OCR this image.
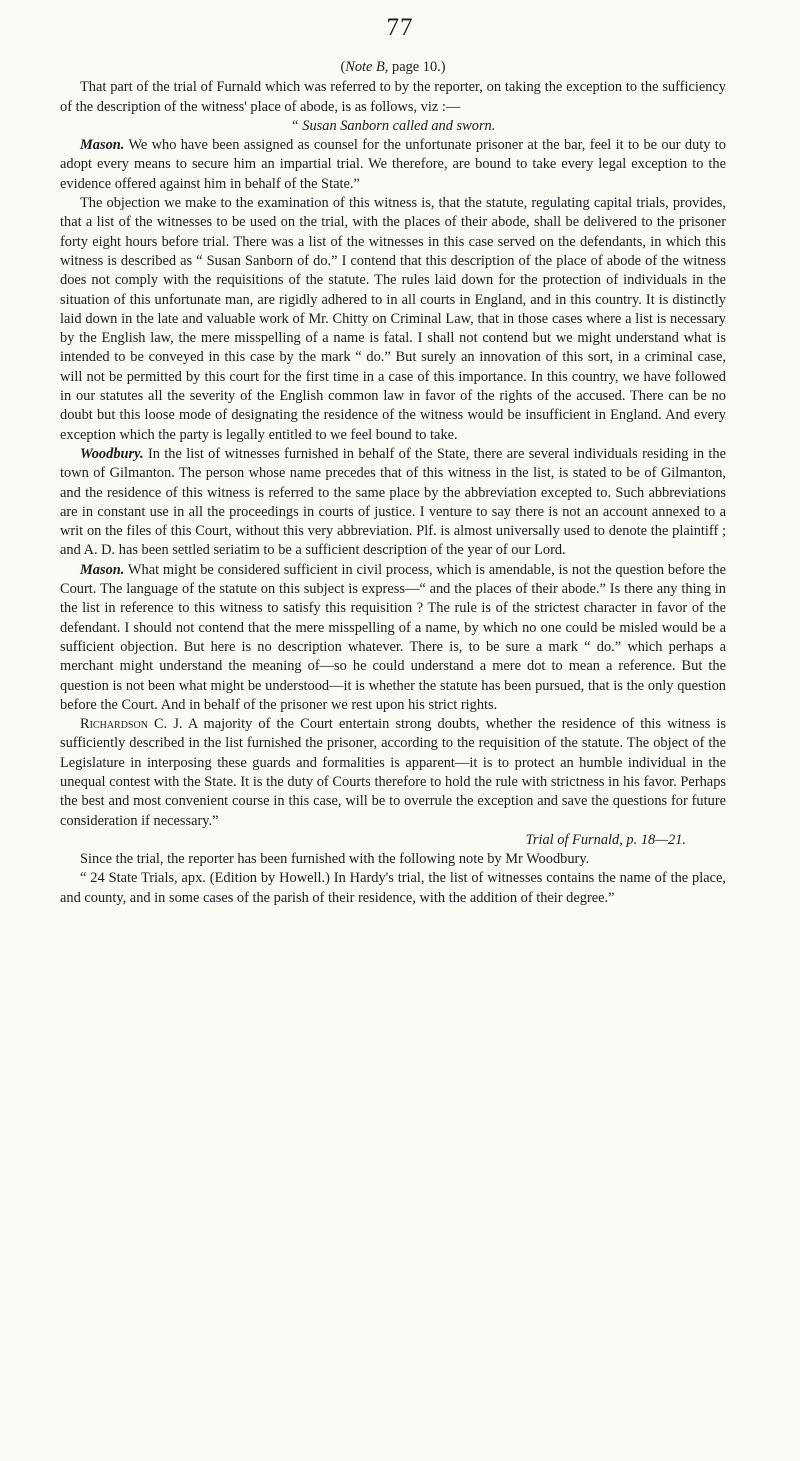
77

(Note B, page 10.)

That part of the trial of Furnald which was referred to by the reporter, on taking the exception to the sufficiency of the description of the witness' place of abode, is as follows, viz :—

“ Susan Sanborn called and sworn.

Mason. We who have been assigned as counsel for the unfortunate prisoner at the bar, feel it to be our duty to adopt every means to secure him an impartial trial. We therefore, are bound to take every legal exception to the evidence offered against him in behalf of the State.”

The objection we make to the examination of this witness is, that the statute, regulating capital trials, provides, that a list of the witnesses to be used on the trial, with the places of their abode, shall be delivered to the prisoner forty eight hours before trial. There was a list of the witnesses in this case served on the defendants, in which this witness is described as “ Susan Sanborn of do.” I contend that this description of the place of abode of the witness does not comply with the requisitions of the statute. The rules laid down for the protection of individuals in the situation of this unfortunate man, are rigidly adhered to in all courts in England, and in this country. It is distinctly laid down in the late and valuable work of Mr. Chitty on Criminal Law, that in those cases where a list is necessary by the English law, the mere misspelling of a name is fatal. I shall not contend but we might understand what is intended to be conveyed in this case by the mark “ do.” But surely an innovation of this sort, in a criminal case, will not be permitted by this court for the first time in a case of this importance. In this country, we have followed in our statutes all the severity of the English common law in favor of the rights of the accused. There can be no doubt but this loose mode of designating the residence of the witness would be insufficient in England. And every exception which the party is legally entitled to we feel bound to take.

Woodbury. In the list of witnesses furnished in behalf of the State, there are several individuals residing in the town of Gilmanton. The person whose name precedes that of this witness in the list, is stated to be of Gilmanton, and the residence of this witness is referred to the same place by the abbreviation excepted to. Such abbreviations are in constant use in all the proceedings in courts of justice. I venture to say there is not an account annexed to a writ on the files of this Court, without this very abbreviation. Plf. is almost universally used to denote the plaintiff ; and A. D. has been settled seriatim to be a sufficient description of the year of our Lord.

Mason. What might be considered sufficient in civil process, which is amendable, is not the question before the Court. The language of the statute on this subject is express—“ and the places of their abode.” Is there any thing in the list in reference to this witness to satisfy this requisition ? The rule is of the strictest character in favor of the defendant. I should not contend that the mere misspelling of a name, by which no one could be misled would be a sufficient objection. But here is no description whatever. There is, to be sure a mark “ do.” which perhaps a merchant might understand the meaning of—so he could understand a mere dot to mean a reference. But the question is not been what might be understood—it is whether the statute has been pursued, that is the only question before the Court. And in behalf of the prisoner we rest upon his strict rights.

Richardson C. J. A majority of the Court entertain strong doubts, whether the residence of this witness is sufficiently described in the list furnished the prisoner, according to the requisition of the statute. The object of the Legislature in interposing these guards and formalities is apparent—it is to protect an humble individual in the unequal contest with the State. It is the duty of Courts therefore to hold the rule with strictness in his favor. Perhaps the best and most convenient course in this case, will be to overrule the exception and save the questions for future consideration if necessary.”

Trial of Furnald, p. 18—21.

Since the trial, the reporter has been furnished with the following note by Mr Woodbury.

“ 24 State Trials, apx. (Edition by Howell.) In Hardy's trial, the list of witnesses contains the name of the place, and county, and in some cases of the parish of their residence, with the addition of their degree.”
